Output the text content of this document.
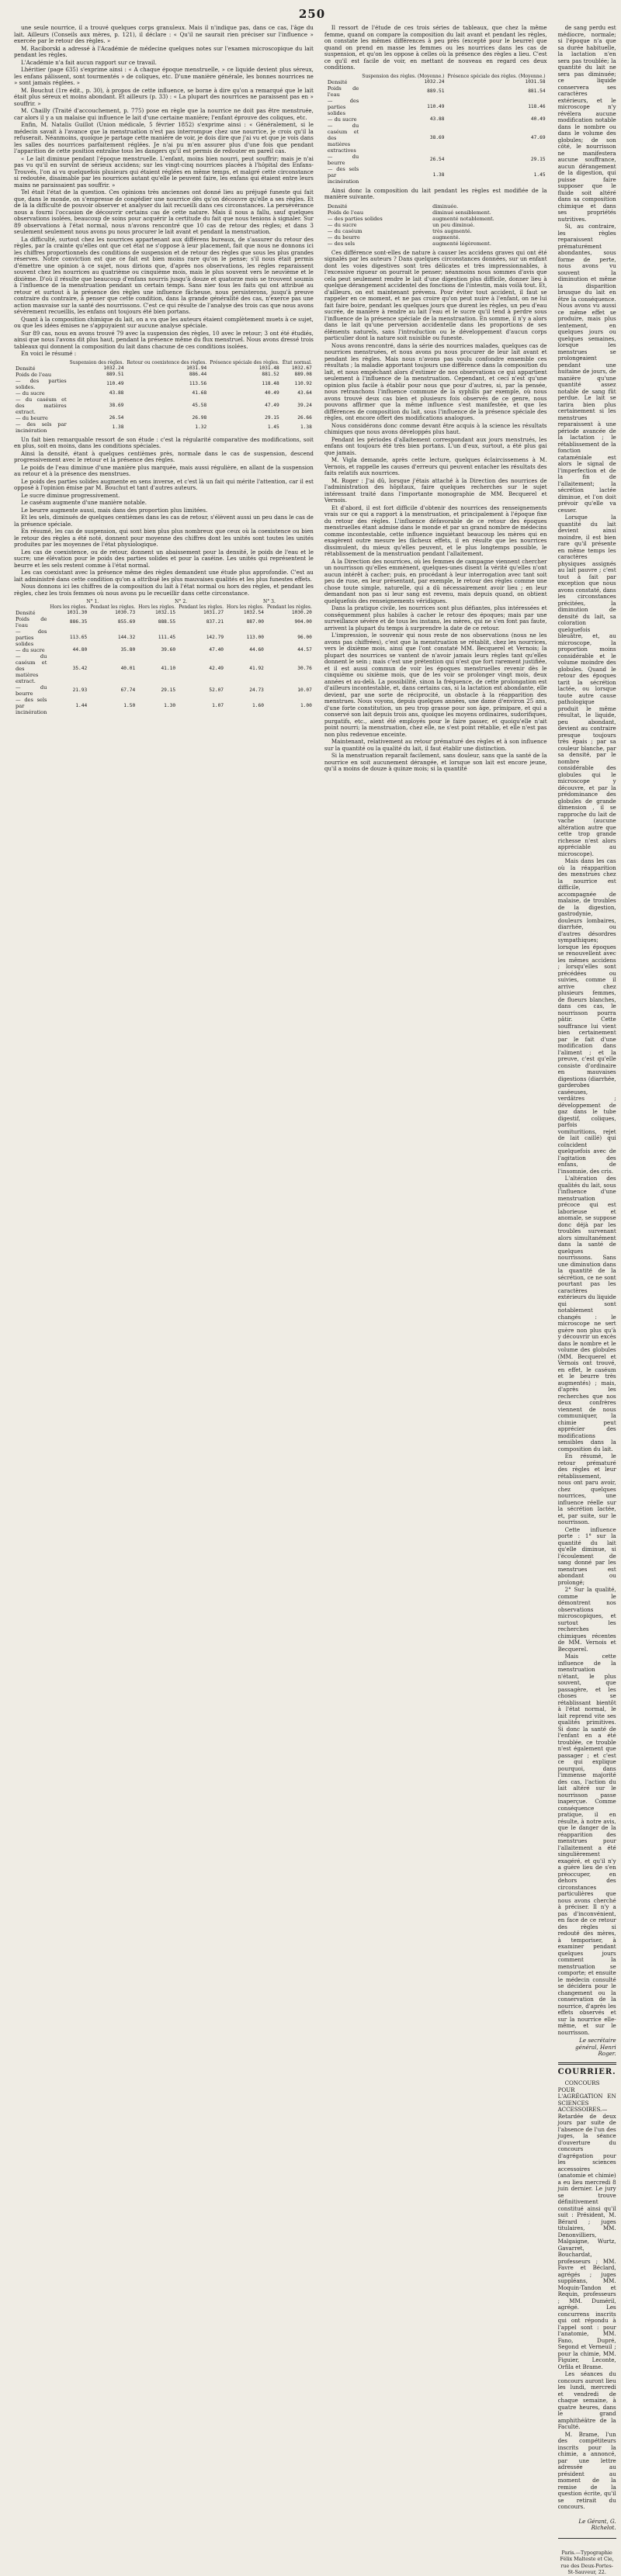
250

une seule nourrice, il a trouvé quelques corps granuleux. Mais il n'indique pas, dans ce cas, l'âge du lait. Ailleurs (Conseils aux mères, p. 121), il déclare : « Qu'il ne saurait rien préciser sur l'influence » exercée par le retour des règles. »

M. Raciborski a adressé à l'Académie de médecine quelques notes sur l'examen microscopique du lait pendant les règles.

L'Académie n'a fait aucun rapport sur ce travail.

Lhéritier (page 635) s'exprime ainsi : « A chaque époque menstruelle, » ce liquide devient plus séreux, les enfans pâlissent, sont tourmentés » de coliques, etc. D'une manière générale, les bonnes nourrices ne » sont jamais réglées. »

M. Bouchut (1re édit., p. 30), à propos de cette influence, se borne à dire qu'on a remarqué que le lait était plus séreux et moins abondant. Et ailleurs (p. 33) : « La plupart des nourrices ne paraissent pas en » souffrir. »

M. Chailly (Traité d'accouchement, p. 775) pose en règle que la nourrice ne doit pas être menstruée, car alors il y a un malaise qui influence le lait d'une certaine manière; l'enfant éprouve des coliques, etc.

Enfin, M. Natalis Guillot (Union médicale, 5 février 1852) s'exprime ainsi : « Généralement, si le médecin savait à l'avance que la menstruation n'est pas interrompue chez une nourrice, je crois qu'il la refuserait. Néanmoins, quoique je partage cette manière de voir, je dois dire que j'ai vu et que je vois dans les salles des nourrices parfaitement réglées. Je n'ai pu m'en assurer plus d'une fois que pendant l'apparition de cette position entraîne tous les dangers qu'il est permis de redouter en pareil cas.

« Le lait diminue pendant l'époque menstruelle. L'enfant, moins bien nourri, peut souffrir; mais je n'ai pas vu qu'il en survînt de sérieux accidens; sur les vingt-cinq nourrices placées à l'hôpital des Enfans-Trouvés, l'on ai vu quelquefois plusieurs qui étaient réglées en même temps, et malgré cette circonstance si redoutée, disaimable par les nourrices autant qu'elle le peuvent faire, les enfans qui étaient entre leurs mains ne paraissaient pas souffrir. »

Tel était l'état de la question. Ces opinions très anciennes ont donné lieu au préjugé funeste qui fait que, dans le monde, on s'empresse de congédier une nourrice dès qu'on découvre qu'elle a ses règles. Et de là la difficulté de pouvoir observer et analyser du lait recueilli dans ces circonstances. La persévérance nous a fourni l'occasion de découvrir certains cas de cette nature. Mais il nous a fallu, sauf quelques observations isolées, beaucoup de soins pour acquérir la certitude du fait que nous tenions à signaler. Sur 89 observations à l'état normal, nous n'avons rencontré que 10 cas de retour des règles; et dans 3 seulement seulement nous avons pu nous procurer le lait avant et pendant la menstruation.

La difficulté, surtout chez les nourrices appartenant aux différens bureaux, de s'assurer du retour des règles, par la crainte qu'elles ont que cet état ne s'oppose à leur placement, fait que nous ne donnons ici les chiffres proportionnels des conditions de suspension et de retour des règles que sous les plus grandes réserves. Notre conviction est que ce fait est bien moins rare qu'on le pense; s'il nous était permis d'émettre une opinion à ce sujet, nous dirions que, d'après nos observations, les règles reparaissent souvent chez les nourrices au quatrième ou cinquième mois, mais le plus souvent vers le neuvième et le dixième. D'où il résulte que beaucoup d'enfans nourris jusqu'à douze et quatorze mois se trouvent soumis à l'influence de la menstruation pendant un certain temps. Sans nier tous les faits qui ont attribué au retour et surtout à la présence des règles une influence fâcheuse, nous persisterons, jusqu'à preuve contraire du contraire, à penser que cette condition, dans la grande généralité des cas, n'exerce pas une action mauvaise sur la santé des nourrissons. C'est ce qui résulte de l'analyse des trois cas que nous avons sévèrement recueillis, les enfans ont toujours été bien portans.

Quant à la composition chimique du lait, on a vu que les auteurs étaient complètement muets à ce sujet, ou que les idées émises ne s'appuyaient sur aucune analyse spéciale.

Sur 89 cas, nous en avons trouvé 79 avec la suspension des règles, 10 avec le retour; 3 ont été étudiés, ainsi que nous l'avons dit plus haut, pendant la présence même du flux menstruel. Nous avons dressé trois tableaux qui donnent la composition du lait dans chacune de ces conditions isolées.

En voici le résumé :

	Suspension des règles.	Retour ou coexistence des règles.	Présence spéciale des règles.	État normal.
Densité	1032.24	1031.94	1031.48	1032.67
Poids de l'eau	889.51	886.44	881.52	889.08
— des parties solides.	110.49	113.56	118.48	110.92
— du sucre	43.88	41.68	40.49	43.64
— du caséum et des matières extract.	38.69	45.58	47.49	39.24
— du beurre	26.54	26.98	29.15	26.66
— des sels par incinération	1.38	1.32	1.45	1.38

Un fait bien remarquable ressort de son étude : c'est la régularité comparative des modifications, soit en plus, soit en moins, dans les conditions spéciales.

Ainsi la densité, étant à quelques centièmes près, normale dans le cas de suspension, descend progressivement avec le retour et la présence des règles.

Le poids de l'eau diminue d'une manière plus marquée, mais aussi régulière, en allant de la suspension au retour et à la présence des menstrues.

Le poids des parties solides augmente en sens inverse, et c'est là un fait qui mérite l'attention, car il est opposé à l'opinion émise par M. Bouchut et tant d'autres auteurs.

Le sucre diminue progressivement.

Le caséum augmente d'une manière notable.

Le beurre augmente aussi, mais dans des proportion plus limitées.

Et les sels, diminués de quelques centièmes dans les cas de retour, s'élèvent aussi un peu dans le cas de la présence spéciale.

En résumé, les cas de suspension, qui sont bien plus plus nombreux que ceux où la coexistence ou bien le retour des règles a été noté, donnent pour moyenne des chiffres dont les unités sont toutes les unités produites par les moyennes de l'état physiologique.

Les cas de coexistence, ou de retour, donnent un abaissement pour la densité, le poids de l'eau et le sucre; une élévation pour le poids des parties solides et pour la caséine. Les unités qui représentent le beurre et les sels restent comme à l'état normal.

Les cas coexistant avec la présence même des règles demandent une étude plus approfondie. C'est au lait administré dans cette condition qu'on a attribué les plus mauvaises qualités et les plus funestes effets.

Nous donnons ici les chiffres de la composition du lait à l'état normal ou hors des règles, et pendant les règles, chez les trois femmes où nous avons pu le recueillir dans cette circonstance.

	N° 1.		N° 2.		N° 3.	
	Hors les règles.	Pendant les règles.	Hors les règles.	Pendant les règles.	Hors les règles.	Pendant les règles.
Densité	1031.30	1030.73	1032.15	1031.27	1032.54	1030.20
Poids de l'eau	886.35	855.69	888.55	837.21	887.00	904.00
— des parties solides	113.65	144.32	111.45	142.79	113.00	96.00
— du sucre	44.80	35.80	39.60	47.40	44.60	44.57
— du caséum et des matières extract.	35.42	40.01	41.10	42.49	41.92	30.76
— du beurre	21.93	67.74	29.15	52.07	24.73	10.07
— des sels par incinération	1.44	1.50	1.30	1.07	1.60	1.00

Il ressort de l'étude de ces trois séries de tableaux, que chez la même femme, quand on compare la composition du lait avant et pendant les règles, on constate les mêmes différences à peu près (excepté pour le beurre) que quand on prend en masse les femmes ou les nourrices dans les cas de suspension, et qu'on les oppose à celles où la présence des règles a lieu. C'est ce qu'il est facile de voir, en mettant de nouveau en regard ces deux conditions.

	Suspension des règles. (Moyenne.)	Présence spéciale des règles. (Moyenne.)
Densité	1032.24	1031.58
Poids de l'eau	889.51	881.54
— des parties solides	110.49	118.46
— du sucre	43.88	40.49
— du caséum et des matières extractives	38.69	47.69
— du beurre	26.54	29.15
— des sels par incinération	1.38	1.45

Ainsi donc la composition du lait pendant les règles est modifiée de la manière suivante.

Densité	diminuée.
Poids de l'eau	diminué sensiblement.
— des parties solides	augmenté notablement.
— du sucre	un peu diminué.
— du caséum	très augmenté.
— du beurre	augmenté.
— des sels	augmenté légèrement.

Ces différence sont-elles de nature à causer les accidens graves qui ont été signalés par les auteurs ? Dans quelques circonstances données, sur un enfant dont les voies digestives sont très délicates et très impressionnables, à l'excessive rigueur on pourrait le penser; néanmoins nous sommes d'avis que cela peut seulement rendre le lait d'une digestion plus difficile, donner lieu à quelque dérangement accidentel des fonctions de l'intestin, mais voilà tout. Et, d'ailleurs, on est maintenant prévenu. Pour éviter tout accident, il faut se rappeler en ce moment, et ne pas croire qu'on peut nuire à l'enfant, on ne lui fait faire boire, pendant les quelques jours que durent les règles, un peu d'eau sucrée, de manière à rendre au lait l'eau et le sucre qu'il tend à perdre sous l'influence de la présence spéciale de la menstruation. En somme, il n'y a alors dans le lait qu'une perversion accidentelle dans les proportions de ses éléments naturels, sans l'introduction ou le développement d'aucun corps particulier dont la nature soit nuisible ou funeste.

Nous avons rencontré, dans la série des nourrices malades, quelques cas de nourrices menstruées, et nous avons pu nous procurer de leur lait avant et pendant les règles. Mais nous n'avons pas voulu confondre ensemble ces résultats ; la maladie apportant toujours une différence dans la composition du lait, et nous empêchant alors d'estimer de nos observations ce qui appartient seulement à l'influence de la menstruation. Cependant, et ceci n'est qu'une opinion plus facile à établir pour nous que pour d'autres, si, par la pensée, nous retranchons l'influence commune de la syphilis par exemple, où nous avons trouvé deux cas bien et plusieurs fois observés de ce genre, nous pouvons affirmer que la même influence s'est manifestée, et que les différences de composition du lait, sous l'influence de la présence spéciale des règles, ont encore offert des modifications analogues.

Nous considérons donc comme devant être acquis à la science les résultats chimiques que nous avons développés plus haut.

Pendant les périodes d'allaitement correspondant aux jours menstrués, les enfans ont toujours été très bien portans. L'un d'eux, surtout, a été plus gai que jamais.

M. Vigla demande, après cette lecture, quelques éclaircissemens à M. Vernois, et rappelle les causes d'erreurs qui peuvent entacher les résultats des faits relatifs aux nourrices.

M. Roger : J'ai dû, lorsque j'étais attaché à la Direction des nourrices de l'administration des hôpitaux, faire quelques recherches sur le sujet intéressant traité dans l'importante monographie de MM. Becquerel et Vernois.

Et d'abord, il est fort difficile d'obtenir des nourrices des renseignements vrais sur ce qui a rapport à la menstruation, et principalement à l'époque fixe du retour des règles. L'influence défavorable de ce retour des époques menstruelles étant admise dans le monde et par un grand nombre de médecins comme incontestable, cette influence inquiétant beaucoup les mères qui en exagèrent outre mesure les fâcheux effets, il en résulte que les nourrices dissimulent, du mieux qu'elles peuvent, et le plus longtemps possible, le rétablissement de la menstruation pendant l'allaitement.

A la Direction des nourrices, où les femmes de campagne viennent chercher un nourrisson qu'elles emmènent, quelques-unes disent la vérité qu'elles n'ont aucun intérêt à cacher; puis, en procédant à leur interrogation avec tant soit peu de ruse, en leur présentant, par exemple, le retour des règles comme une chose toute simple, naturelle, qui a dû nécessairement avoir lieu ; en leur demandant non pas si leur sang est revenu, mais depuis quand, on obtient quelquefois des renseignements véridiques.

Dans la pratique civile, les nourrices sont plus défiantes, plus intéressées et conséquemment plus habiles à cacher le retour des époques; mais par une surveillance sévère et de tous les instans, les mères, qui ne s'en font pas faute, arrivent la plupart du temps à surprendre la date de ce retour.

L'impression, le souvenir qui nous reste de nos observations (nous ne les avons pas chiffrées), c'est que la menstruation se rétablit, chez les nourrices, vers le dixième mois, ainsi que l'ont constaté MM. Becquerel et Vernois; la plupart des nourrices se vantent de n'avoir jamais leurs règles tant qu'elles donnent le sein ; mais c'est une prétention qui n'est que fort rarement justifiée, et il est aussi commun de voir les époques menstruelles revenir dès le cinquième ou sixième mois, que de les voir se prolonger vingt mois, deux années et au-delà. La possibilité, sinon la fréquence, de cette prolongation est d'ailleurs incontestable, et, dans certains cas, si la lactation est abondante, elle devient, par une sorte de réciprocité, un obstacle à la réapparition des menstrues. Nous voyons, depuis quelques années, une dame d'environ 25 ans, d'une forte constitution, un peu trop grasse pour son âge, primipare, et qui a conservé son lait depuis trois ans, quoique les moyens ordinaires, sudorifiques, purgatifs, etc., aient été employés pour le faire passer, et quoiqu'elle n'ait point nourri; la menstruation, chez elle, ne s'est point rétablie, et elle n'est pas non plus redevenue enceinte.

Maintenant, relativement au retour prématuré des règles et à son influence sur la quantité ou la qualité du lait, il faut établir une distinction.

Si la menstruation reparaît facilement, sans douleur, sans que la santé de la nourrice en soit aucunement dérangée, et lorsque son lait est encore jeune, qu'il a moins de douze à quinze mois; si la quantité

de sang perdu est médiocre, normale; si l'époque n'a que sa durée habituelle, la lactation n'en sera pas troublée; la quantité du lait ne sera pas diminuée; ce liquide conservera ses caractères extérieurs, et le microscope n'y révélera aucune modification notable dans le nombre ou dans le volume des globules; de son côté, le nourrisson ne manifestera aucune souffrance, aucun dérangement de la digestion, qui puisse faire supposer que le fluide soit altéré dans sa composition chimique et dans ses propriétés nutritives.

Si, au contraire, les règles reparaissent prématurément abondantes, sous forme de perte, nous avons vu souvent la diminution et même la disparition brusque du lait en être la conséquence. Nous avons vu aussi ce même effet se produire, mais plus lentement, en quelques jours ou quelques semaines, lorsque les menstrues se prolongeaient pendant une huitaine de jours, de manière qu'une quantité assez notable de sang fût perdue. Le lait se tarira bien plus certainement si les menstrues reparaissent à une période avancée de la lactation ; le rétablissement de la fonction cataméniale est alors le signal de l'imperfection et de la fin de l'allaitement; la sécrétion lactée diminue, et l'on doit prévoir qu'elle va cesser.

Lorsque la quantité du lait devient ainsi moindre, il est bien rare qu'il présente en même temps les caractères physiques assignés au lait pauvre ; c'est tout à fait par exception que nous avons constaté, dans les circonstances précitées, la diminution de densité du lait, sa coloration quelquefois bleuâtre, et, au microscope, la proportion moins considérable et le volume moindre des globules. Quand le retour des époques tarit la sécrétion lactée, ou lorsque toute autre cause pathologique produit le même résultat, le liquide, peu abondant, devient au contraire presque toujours très épais ; par sa couleur blanche, par sa densité, par le nombre considérable des globules qui le microscope y découvre, et par la prédominance des globules de grande dimension , il se rapproche du lait de vache (aucune altération autre que cette trop grande richesse n'est alors appréciable au microscope).

Mais dans les cas où la réapparition des menstrues chez la nourrice est difficile, accompagnée de malaise, de troubles de la digestion, gastrodynie, douleurs lombaires, diarrhée, ou d'autres désordres sympathiques; lorsque les époques se renouvellent avec les mêmes accidens ; lorsqu'elles sont précédées ou suivies, comme il arrive chez plusieurs femmes, de flueurs blanches, dans ces cas, le nourrisson pourra pâtir. Cette souffrance lui vient bien certainement par le fait d'une modification dans l'aliment ; et la preuve, c'est qu'elle consiste d'ordinaire en mauvaises digestions (diarrhée, garderobes caséeuses, verdâtres ; développement de gaz dans le tube digestif, coliques, parfois vomituritions, rejet de lait caillé) qui coïncident quelquefois avec de l'agitation des enfans, de l'insomnie, des cris.

L'altération des qualités du lait, sous l'influence d'une menstruation précoce qui est laborieuse et anomale, se suppose donc déjà par les troubles survenant alors simultanément dans la santé de quelques nourrissons. Sans une diminution dans la quantité de la sécrétion, ce ne sont pourtant pas les caractères extérieurs du liquide qui sont notablement changés : le microscope ne sert guère non plus qu'à y découvrir un excès dans le nombre et le volume des globules (MM. Becquerel et Vernois ont trouvé, en effet, le caséum et le beurre très augmentés) ; mais, d'après les recherches que nos deux confrères viennent de nous communiquer, la chimie peut apprécier des modifications sensibles dans la composition du lait.

En résumé, le retour prématuré des règles et leur rétablissement, nous ont paru avoir, chez quelques nourrices, une influence réelle sur la sécrétion lactée, et, par suite, sur le nourrisson.

Cette influence porte : 1° sur la quantité du lait qu'elle diminue, si l'écoulement de sang donné par les menstrues est abondant ou prolongé;

2° Sur la qualité, comme le démontrent nos observations microscopiques, et surtout les recherches chimiques récentes de MM. Vernois et Becquerel.

Mais cette influence de la menstruation n'étant, le plus souvent, que passagère, et les choses se rétablissant bientôt à l'état normal, le lait reprend vite ses qualités primitives. Si donc la santé de l'enfant en a été troublée, ce trouble n'est également que passager ; et c'est ce qui explique pourquoi, dans l'immense majorité des cas, l'action du lait altéré sur le nourrisson passe inaperçue. Comme conséquence pratique, il en résulte, à notre avis, que le danger de la réapparition des menstrues pour l'allaitement a été singulièrement exagéré, et qu'il n'y a guère lieu de s'en préoccuper, en dehors des circonstances particulières que nous avons cherché à préciser. Il n'y a pas d'inconvénient, en face de ce retour des règles si redouté des mères, à temporiser, à examiner pendant quelques jours comment la menstruation se comporte; et ensuite le médecin consulté se décidera pour le changement ou la conservation de la nourrice, d'après les effets observés et sur la nourrice elle-même, et sur le nourrisson.

Le secrétaire général, Henri Roger.
COURRIER.

CONCOURS POUR L'AGRÉGATION EN SCIENCES ACCESSOIRES.— Retardée de deux jours par suite de l'absence de l'un des juges, la séance d'ouverture du concours d'agrégation pour les sciences accessoires (anatomie et chimie) a eu lieu mercredi 8 juin dernier. Le jury se trouve définitivement constitué ainsi qu'il suit : Président, M. Bérard ; juges titulaires, MM. Denonvilliers, Malgaigne, Wurtz, Gavarret, Bouchardat, professeurs ; MM. Favre et Béclard, agrégés ; juges suppléans, MM. Moquin-Tandon et Requin, professeurs ; MM. Duméril, agrégé. Les concurrens inscrits qui ont répondu à l'appel sont : pour l'anatomie, MM. Fano, Dupré, Segond et Verneuil ; pour la chimie, MM. Figuier, Leconte, Orfila et Brame.

Les séances du concours auront lieu les lundi, mercredi et vendredi de chaque semaine, à quatre heures, dans le grand amphithéâtre de la Faculté.

M. Brame, l'un des compétiteurs inscrits pour la chimie, a annoncé, par une lettre adressée au président au moment de la remise de la question écrite, qu'il se retirait du concours.

Le Gérant, G. Richelot.
Paris.—Typographie Félix Malteste et Cie, rue des Deux-Portes-St-Sauveur, 22.
